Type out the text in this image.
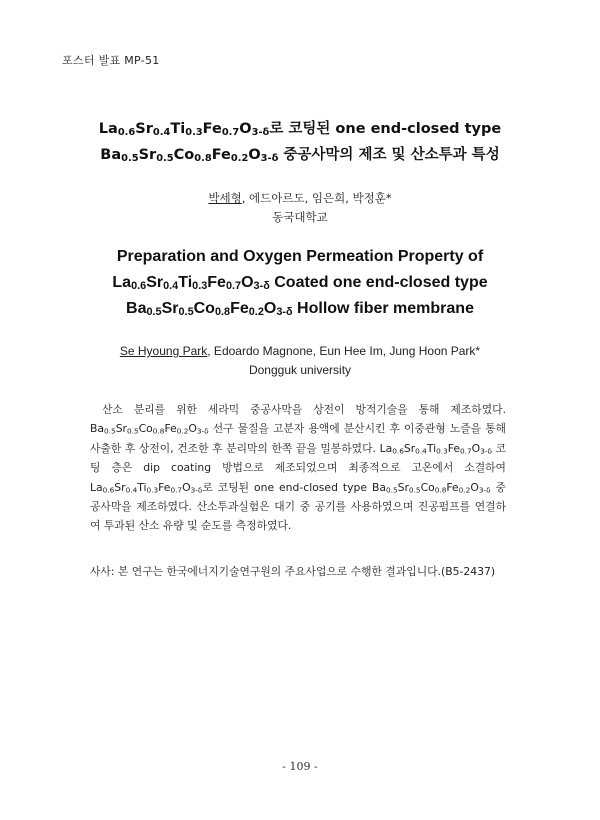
포스터 발표 MP-51
$La_{0.6}Sr_{0.4}Ti_{0.3}Fe_{0.7}O_{3-\delta}$로 코팅된 one end-closed type
$Ba_{0.5}Sr_{0.5}Co_{0.8}Fe_{0.2}O_{3-\delta}$ 중공사막의 제조 및 산소투과 특성
박세형, 에드아르도, 임은희, 박정훈*
동국대학교
Preparation and Oxygen Permeation Property of
$La_{0.6}Sr_{0.4}Ti_{0.3}Fe_{0.7}O_{3-\delta}$ Coated one end-closed type
$Ba_{0.5}Sr_{0.5}Co_{0.8}Fe_{0.2}O_{3-\delta}$ Hollow fiber membrane
Se Hyoung Park, Edoardo Magnone, Eun Hee Im, Jung Hoon Park*
Dongguk university
산소 분리를 위한 세라믹 중공사막을 상전이 방적기술을 통해 제조하였다. $Ba_{0.5}Sr_{0.5}Co_{0.8}Fe_{0.2}O_{3-\delta}$ 선구 물질을 고분자 용액에 분산시킨 후 이중관형 노즐을 통해 사출한 후 상전이, 건조한 후 분리막의 한쪽 끝을 밀봉하였다. $La_{0.6}Sr_{0.4}Ti_{0.3}Fe_{0.7}O_{3-\delta}$ 코팅 층은 dip coating 방법으로 제조되었으며 최종적으로 고온에서 소결하여 $La_{0.6}Sr_{0.4}Ti_{0.3}Fe_{0.7}O_{3-\delta}$로 코팅된 one end-closed type $Ba_{0.5}Sr_{0.5}Co_{0.8}Fe_{0.2}O_{3-\delta}$ 중공사막을 제조하였다. 산소투과실험은 대기 중 공기를 사용하였으며 진공펌프를 연결하여 투과된 산소 유량 및 순도를 측정하였다.
사사: 본 연구는 한국에너지기술연구원의 주요사업으로 수행한 결과입니다.(B5-2437)
- 109 -
